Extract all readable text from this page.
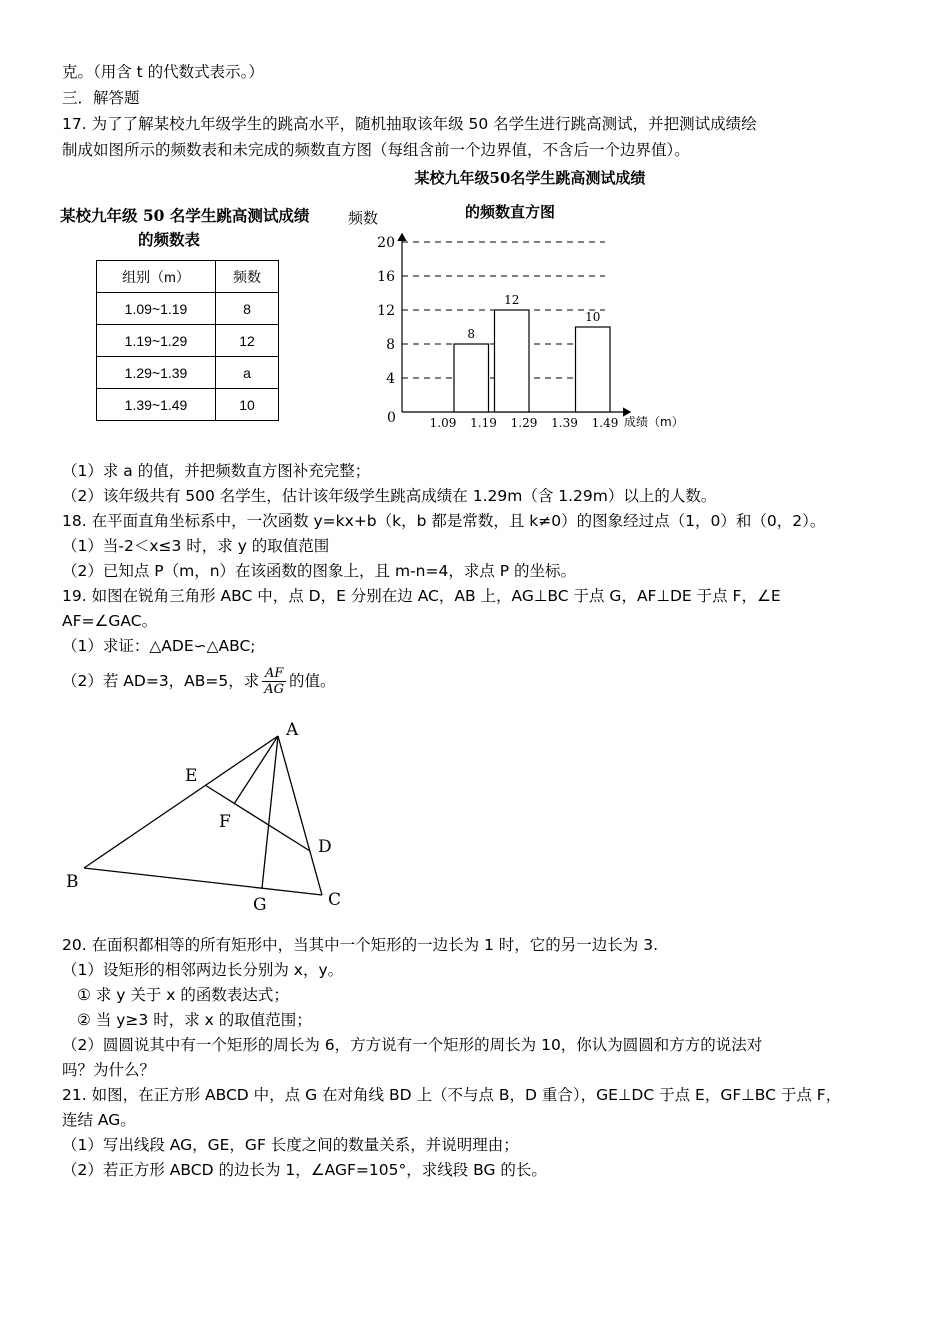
克。（用含 t 的代数式表示。）
三．解答题
17. 为了了解某校九年级学生的跳高水平，随机抽取该年级 50 名学生进行跳高测试，并把测试成绩绘
制成如图所示的频数表和未完成的频数直方图（每组含前一个边界值，不含后一个边界值）。
某校九年级 50 名学生跳高测试成绩
的频数表
组别（m）	频数
1.09~1.19	8
1.19~1.29	12
1.29~1.39	a
1.39~1.49	10
某校九年级50名学生跳高测试成绩
的频数直方图
频数
成绩（m）
0
4
8
12
16
20
1.09 1.19 1.29 1.39 1.49
8
12
10
（1）求 a 的值，并把频数直方图补充完整；
（2）该年级共有 500 名学生，估计该年级学生跳高成绩在 1.29m（含 1.29m）以上的人数。
18. 在平面直角坐标系中，一次函数 y=kx+b（k，b 都是常数，且 k≠0）的图象经过点（1，0）和（0，2）。
（1）当-2＜x≤3 时，求 y 的取值范围
（2）已知点 P（m，n）在该函数的图象上，且 m-n=4，求点 P 的坐标。
19. 如图在锐角三角形 ABC 中，点 D，E 分别在边 AC，AB 上，AG⊥BC 于点 G，AF⊥DE 于点 F，∠E
AF=∠GAC。
（1）求证：△ADE∽△ABC;
（2）若 AD=3，AB=5，求 $\frac{AF}{AG}$ 的值。
A
E
F
D
B
G	C
20. 在面积都相等的所有矩形中，当其中一个矩形的一边长为 1 时，它的另一边长为 3.
（1）设矩形的相邻两边长分别为 x，y。
① 求 y 关于 x 的函数表达式；
② 当 y≥3 时，求 x 的取值范围；
（2）圆圆说其中有一个矩形的周长为 6，方方说有一个矩形的周长为 10，你认为圆圆和方方的说法对
吗？为什么？
21. 如图，在正方形 ABCD 中，点 G 在对角线 BD 上（不与点 B，D 重合），GE⊥DC 于点 E，GF⊥BC 于点 F，
连结 AG。
（1）写出线段 AG，GE，GF 长度之间的数量关系，并说明理由；
（2）若正方形 ABCD 的边长为 1，∠AGF=105°，求线段 BG 的长。
